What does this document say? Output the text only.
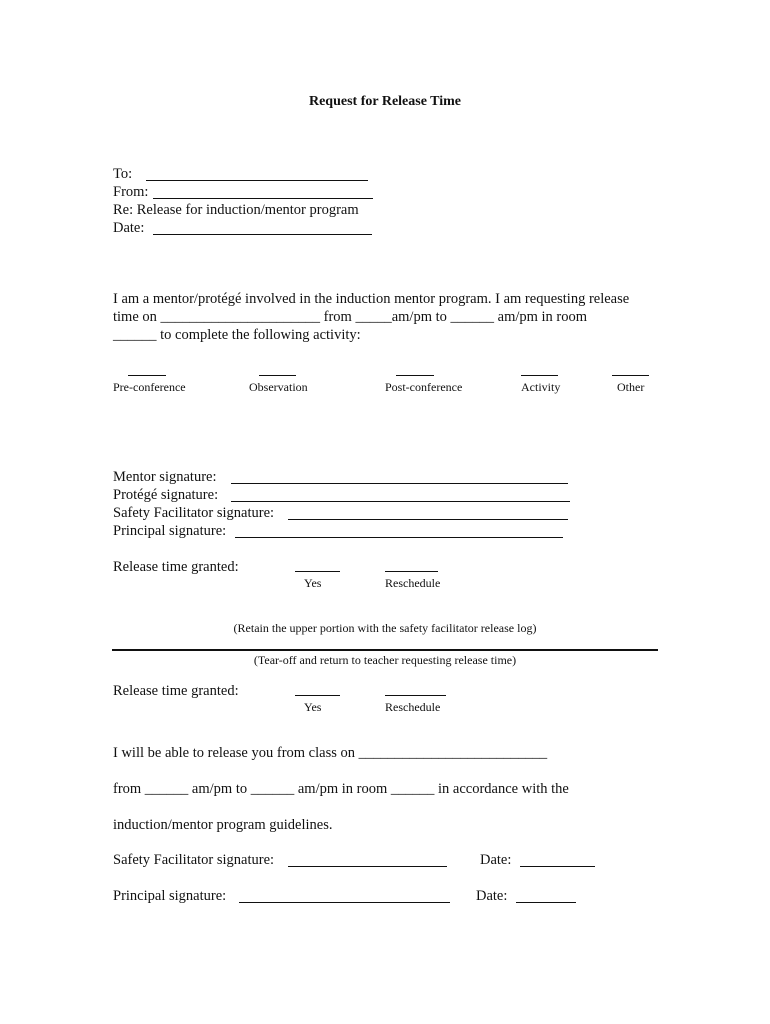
Request for Release Time
To:
From:
Re: Release for induction/mentor program
Date:
I am a mentor/protégé involved in the induction mentor program. I am requesting release
time on ______________________ from _____am/pm to ______ am/pm in room
______ to complete the following activity:
Pre-conference	Observation	Post-conference	Activity	Other
Mentor signature:
Protégé signature:
Safety Facilitator signature:
Principal signature:
Release time granted:
Yes	Reschedule
(Retain the upper portion with the safety facilitator release log)
(Tear-off and return to teacher requesting release time)
Release time granted:
Yes	Reschedule
I will be able to release you from class on __________________________
from ______ am/pm to ______ am/pm in room ______ in accordance with the
induction/mentor program guidelines.
Safety Facilitator signature:	Date:
Principal signature:	Date:
